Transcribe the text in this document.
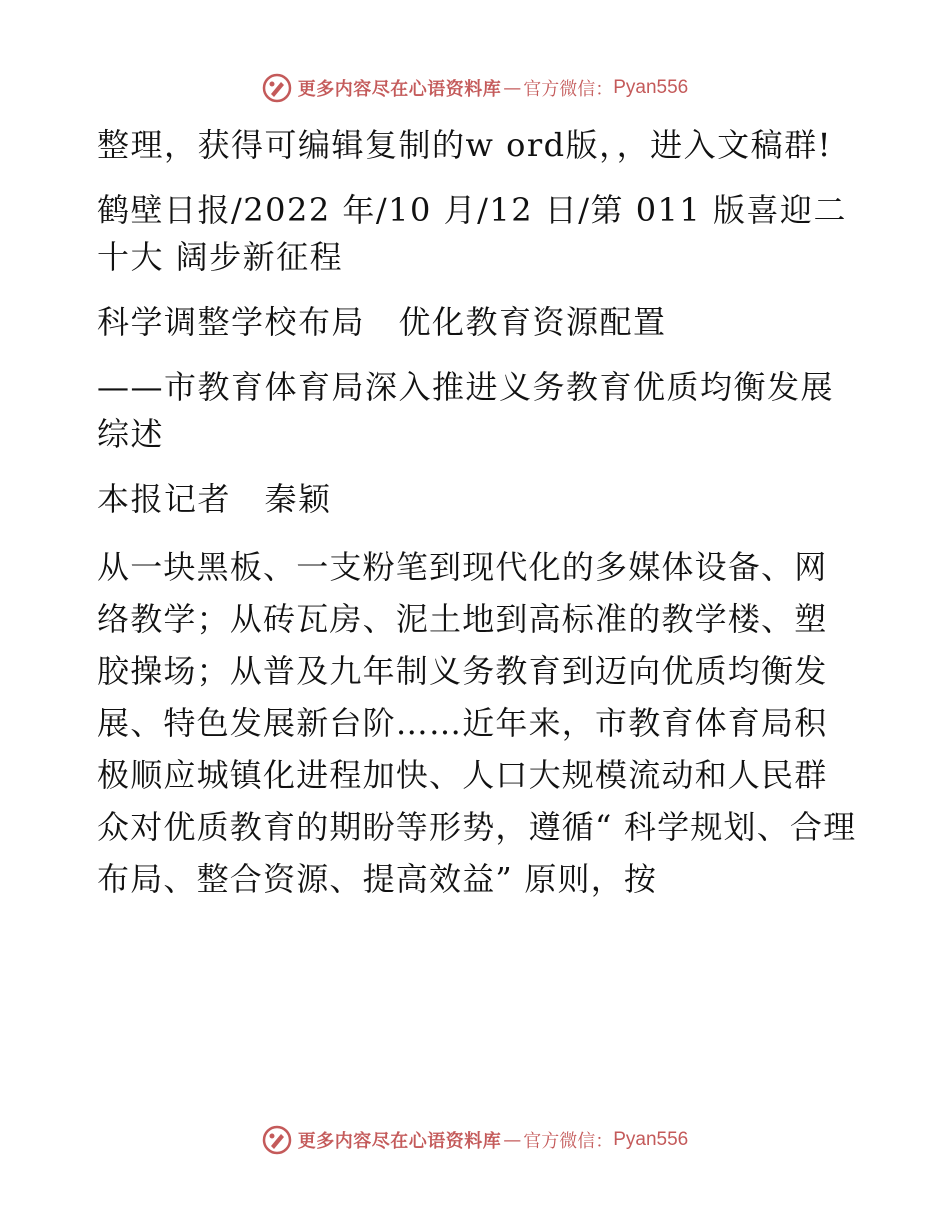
更多内容尽在心语资料库 — 官方微信： Pyan556

整理，获得可编辑复制的w ord版，，进入文稿群!

鹤壁日报/2022 年/10 月/12 日/第 011 版喜迎二十大 阔步新征程

科学调整学校布局　优化教育资源配置

——市教育体育局深入推进义务教育优质均衡发展综述

本报记者　秦颖

从一块黑板、一支粉笔到现代化的多媒体设备、网络教学；从砖瓦房、泥土地到高标准的教学楼、塑胶操场；从普及九年制义务教育到迈向优质均衡发展、特色发展新台阶……近年来，市教育体育局积极顺应城镇化进程加快、人口大规模流动和人民群众对优质教育的期盼等形势，遵循“ 科学规划、合理布局、整合资源、提高效益” 原则，按

更多内容尽在心语资料库 — 官方微信： Pyan556
